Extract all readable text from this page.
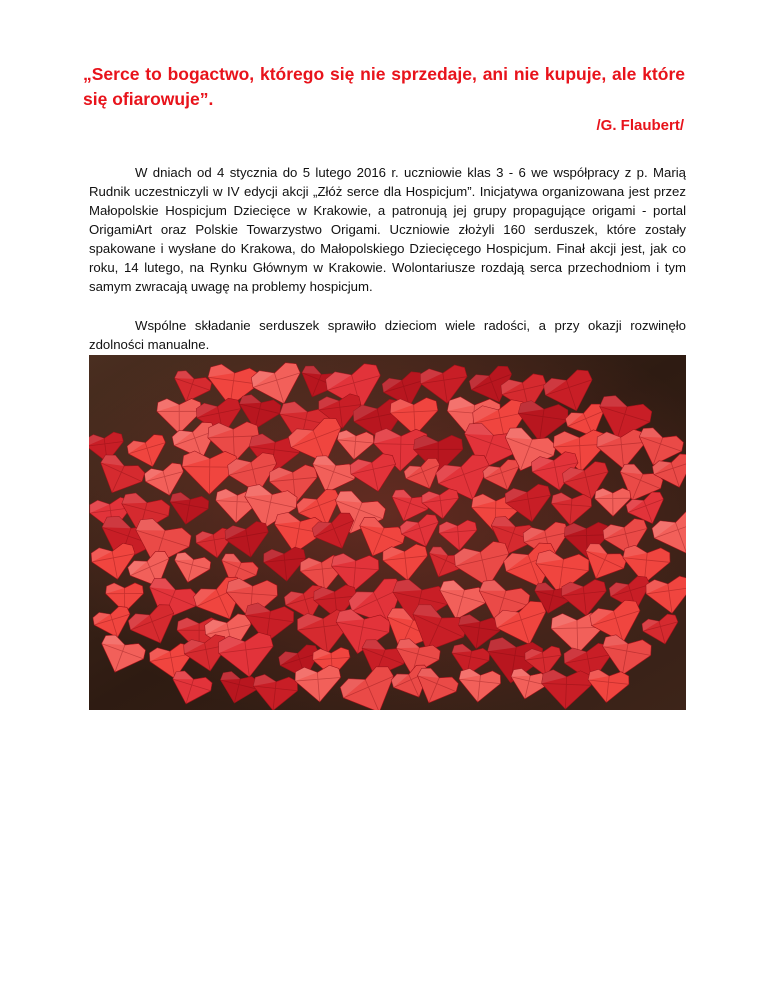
„Serce to bogactwo, którego się nie sprzedaje, ani nie kupuje, ale które się ofiarowuje”.

/G. Flaubert/

W dniach od 4 stycznia do 5 lutego 2016 r. uczniowie klas 3 - 6 we współpracy z p. Marią Rudnik uczestniczyli w IV edycji akcji „Złóż serce dla Hospicjum”. Inicjatywa organizowana jest przez Małopolskie Hospicjum Dziecięce w Krakowie, a patronują jej grupy propagujące origami - portal OrigamiArt oraz Polskie Towarzystwo Origami. Uczniowie złożyli 160 serduszek, które zostały spakowane i wysłane do Krakowa, do Małopolskiego Dziecięcego Hospicjum. Finał akcji jest, jak co roku, 14 lutego, na Rynku Głównym w Krakowie. Wolontariusze rozdają serca przechodniom i tym samym zwracają uwagę na problemy hospicjum.

Wspólne składanie serduszek sprawiło dzieciom wiele radości, a przy okazji rozwinęło zdolności manualne.
